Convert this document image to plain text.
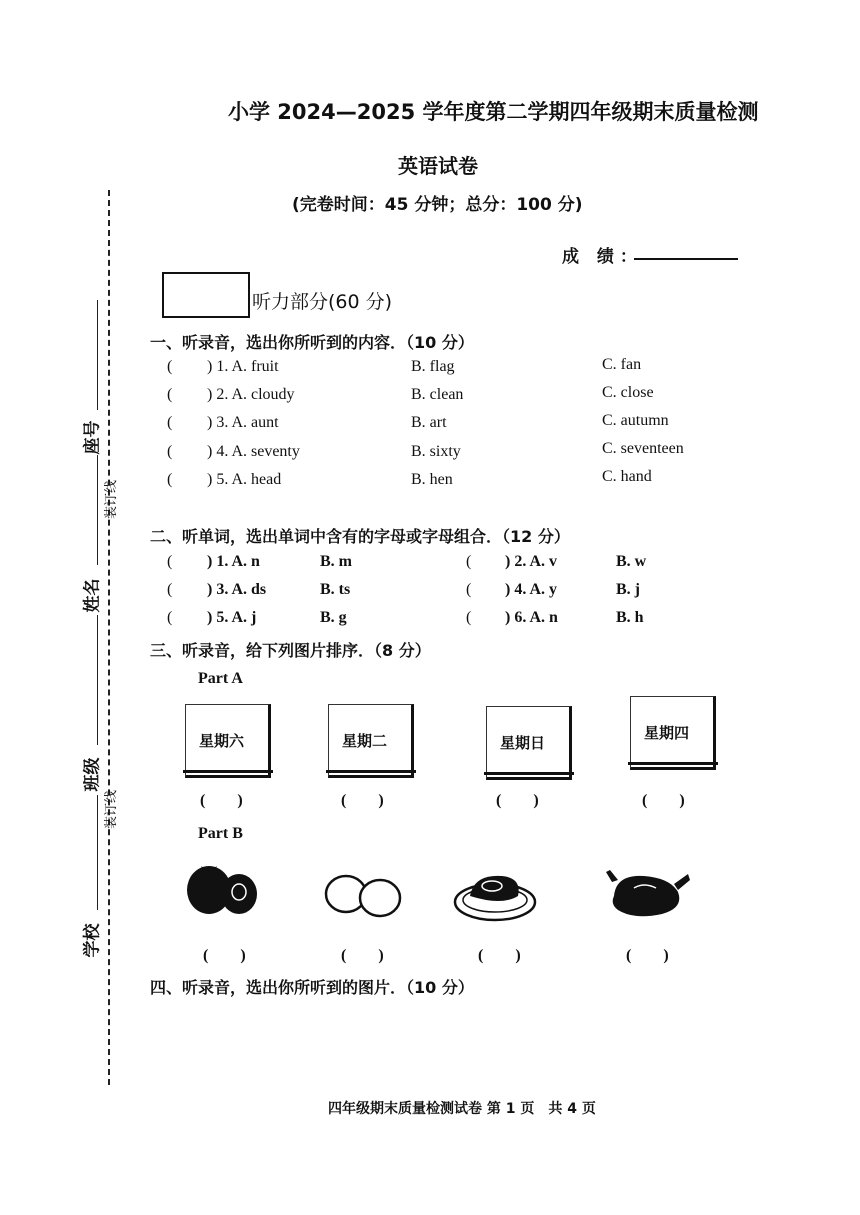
座号
姓名
班级
学校
装订线
装订线
小学 2024—2025 学年度第二学期四年级期末质量检测
英语试卷
(完卷时间：45 分钟；总分：100 分)
成 绩：
听力部分(60 分)
一、听录音，选出你所听到的内容．（10 分）
( ) 1. A. fruit	B. flag	C. fan
( ) 2. A. cloudy	B. clean	C. close
( ) 3. A. aunt	B. art	C. autumn
( ) 4. A. seventy	B. sixty	C. seventeen
( ) 5. A. head	B. hen	C. hand
二、听单词，选出单词中含有的字母或字母组合．（12 分）
( ) 1. A. n	B. m	( ) 2. A. v	B. w
( ) 3. A. ds	B. ts	( ) 4. A. y	B. j
( ) 5. A. j	B. g	( ) 6. A. n	B. h
三、听录音，给下列图片排序．（8 分）
Part A
星期六	星期二	星期日
星期四
(　　)	(　　)	(　　)	(　　)
Part B
(　　)	(　　)	(　　)	(　　)
四、听录音，选出你所听到的图片．（10 分）
四年级期末质量检测试卷 第 1 页　共 4 页
